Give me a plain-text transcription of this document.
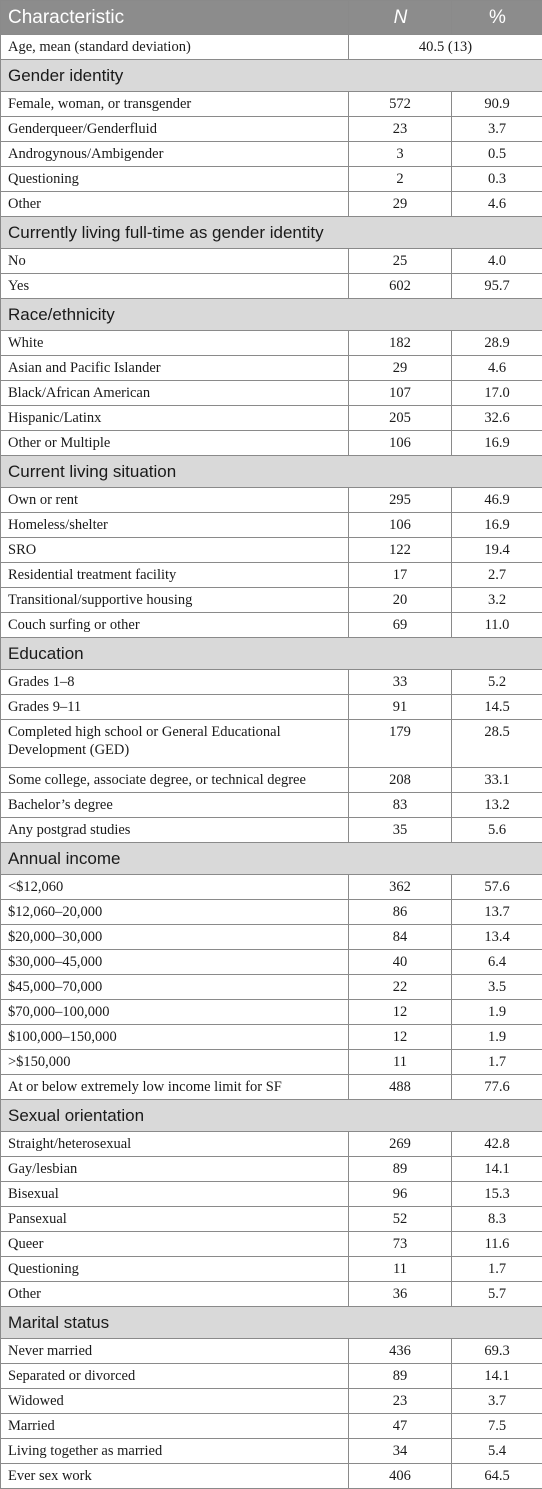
Characteristic	N	%
Age, mean (standard deviation)	40.5 (13)	
Gender identity		
Female, woman, or transgender	572	90.9
Genderqueer/Genderfluid	23	3.7
Androgynous/Ambigender	3	0.5
Questioning	2	0.3
Other	29	4.6
Currently living full-time as gender identity		
No	25	4.0
Yes	602	95.7
Race/ethnicity		
White	182	28.9
Asian and Pacific Islander	29	4.6
Black/African American	107	17.0
Hispanic/Latinx	205	32.6
Other or Multiple	106	16.9
Current living situation		
Own or rent	295	46.9
Homeless/shelter	106	16.9
SRO	122	19.4
Residential treatment facility	17	2.7
Transitional/supportive housing	20	3.2
Couch surfing or other	69	11.0
Education		
Grades 1–8	33	5.2
Grades 9–11	91	14.5
Completed high school or General Educational Development (GED)	179	28.5
Some college, associate degree, or technical degree	208	33.1
Bachelor’s degree	83	13.2
Any postgrad studies	35	5.6
Annual income		
<$12,060	362	57.6
$12,060–20,000	86	13.7
$20,000–30,000	84	13.4
$30,000–45,000	40	6.4
$45,000–70,000	22	3.5
$70,000–100,000	12	1.9
$100,000–150,000	12	1.9
>$150,000	11	1.7
At or below extremely low income limit for SF	488	77.6
Sexual orientation		
Straight/heterosexual	269	42.8
Gay/lesbian	89	14.1
Bisexual	96	15.3
Pansexual	52	8.3
Queer	73	11.6
Questioning	11	1.7
Other	36	5.7
Marital status		
Never married	436	69.3
Separated or divorced	89	14.1
Widowed	23	3.7
Married	47	7.5
Living together as married	34	5.4
Ever sex work	406	64.5
